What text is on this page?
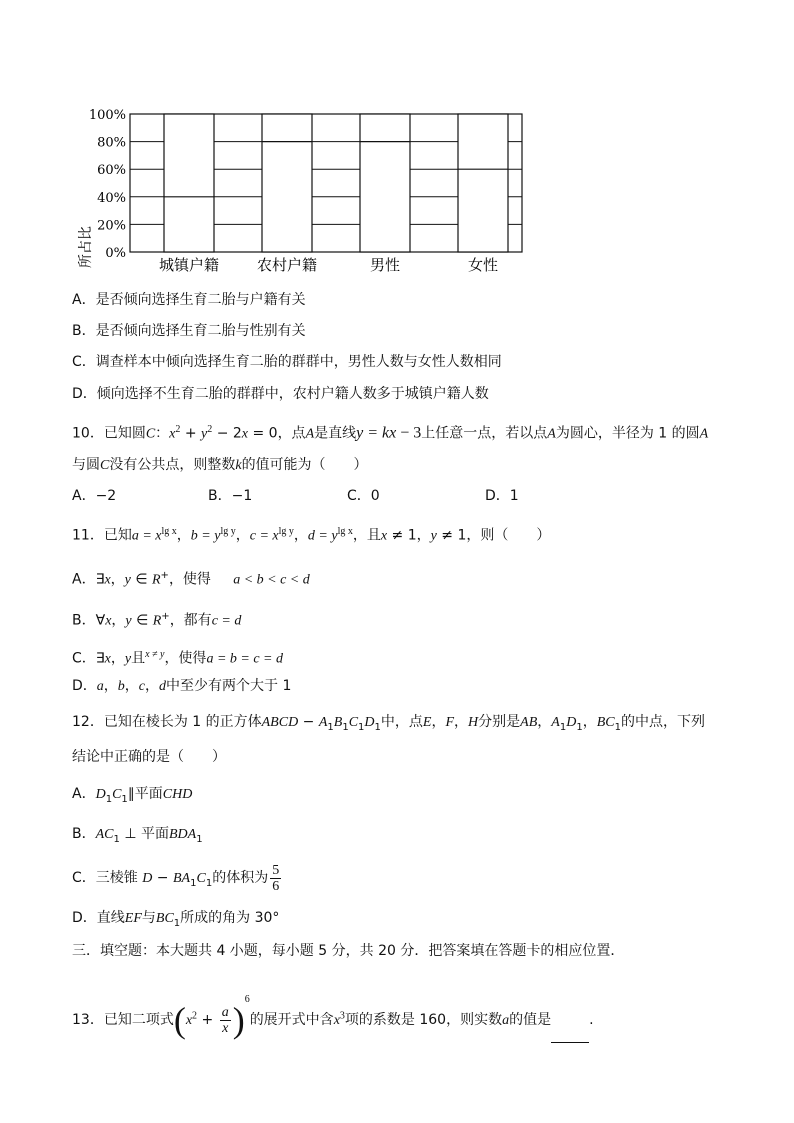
100%
80%
60%
40%
20%
0%
城镇户籍	农村户籍	男性	女性
所占比
A．是否倾向选择生育二胎与户籍有关
B．是否倾向选择生育二胎与性别有关
C．调查样本中倾向选择生育二胎的群群中，男性人数与女性人数相同
D．倾向选择不生育二胎的群群中，农村户籍人数多于城镇户籍人数
10．已知圆C：$x^2 + y^2 - 2x = 0$，点A是直线y = kx − 3上任意一点，若以点A为圆心，半径为 1 的圆A
与圆C没有公共点，则整数k的值可能为（　　）
A．−2	B．−1	C．0	D．1
11．已知$a = x^{lg x}$，$b = y^{lg y}$，$c = x^{lg y}$，$d = y^{lg x}$，且x ≠ 1，y ≠ 1，则（　　）
A．∃x，y ∈ R+，使得 a < b < c < d
B．∀x，y ∈ R+，都有c = d
C．∃x，y且$^{x \ne y}$，使得a = b = c = d
D．a，b，c，d中至少有两个大于 1
12．已知在棱长为 1 的正方体ABCD − $A_1B_1C_1D_1$中，点E，F，H分别是AB，$A_1D_1$，$BC_1$的中点，下列
结论中正确的是（　　）
A．$D_1C_1\parallel$平面CHD
B．$AC_1$ ⊥ 平面$BDA_1$
C．三棱锥 $D - BA_1C_1$的体积为 $\frac{5}{6}$
D．直线EF与$BC_1$所成的角为 30°
三．填空题：本大题共 4 小题，每小题 5 分，共 20 分．把答案填在答题卡的相应位置．
13．已知二项式$(x^2 + \frac{a}{x} )^6$的展开式中含$x^3$项的系数是 160，则实数a的值是	.
